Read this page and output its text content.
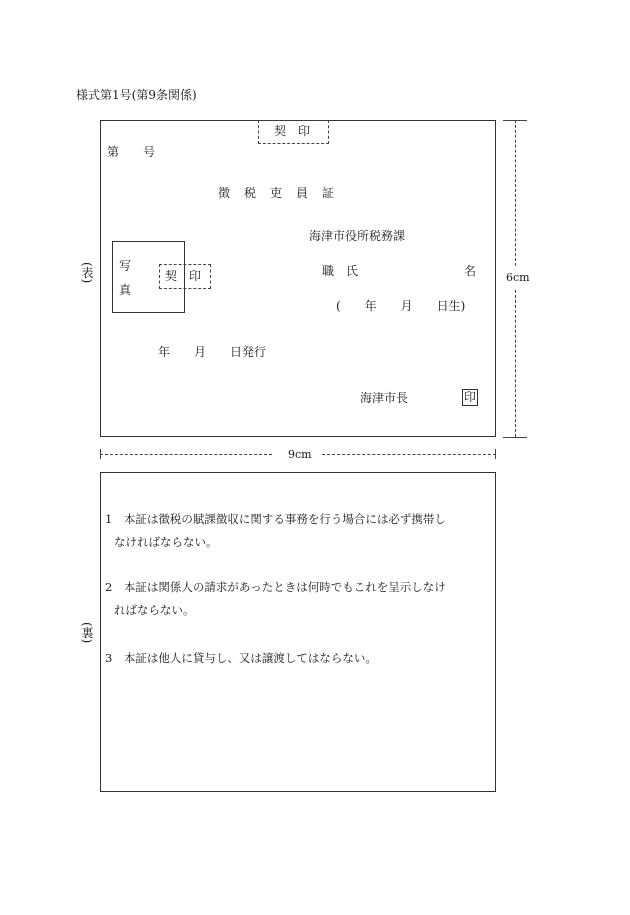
様式第1号(第9条関係)
契　印
第　　号
徴　税　吏　員　証
海津市役所税務課
写
真
契　印	職　氏	名
(　　年　　月　　日生)
年　　月　　日発行
海津市長	印
(表)	6cm
9cm
(裏)
1　本証は徴税の賦課徴収に関する事務を行う場合には必ず携帯し
なければならない。
2　本証は関係人の請求があったときは何時でもこれを呈示しなけ
ればならない。
3　本証は他人に貸与し、又は譲渡してはならない。
